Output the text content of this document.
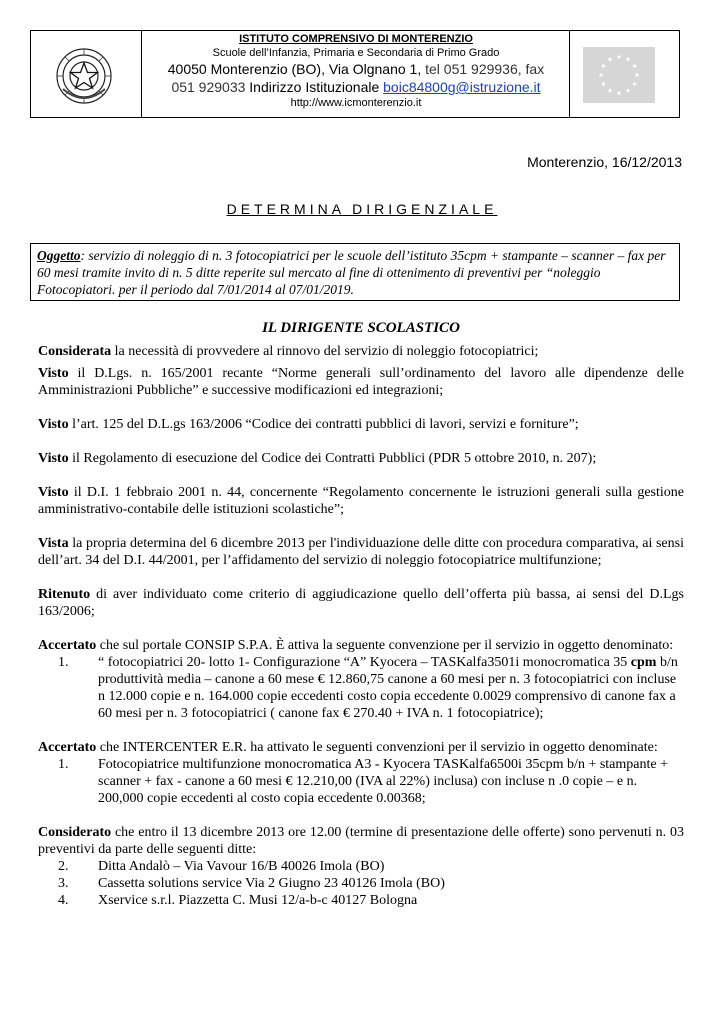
ISTITUTO COMPRENSIVO DI MONTERENZIO
Scuole dell’Infanzia, Primaria e Secondaria di Primo Grado
40050 Monterenzio (BO), Via Olgnano 1, tel 051 929936, fax
051 929033 Indirizzo Istituzionale boic84800g@istruzione.it
http://www.icmonterenzio.it
Monterenzio, 16/12/2013
DETERMINA DIRIGENZIALE
Oggetto: servizio di noleggio di n. 3 fotocopiatrici per le scuole dell’istituto 35cpm + stampante – scanner – fax per 60 mesi tramite invito di n. 5 ditte reperite sul mercato al fine di ottenimento di preventivi per “noleggio Fotocopiatori. per il periodo dal 7/01/2014 al 07/01/2019.
IL DIRIGENTE SCOLASTICO

Considerata la necessità di provvedere al rinnovo del servizio di noleggio fotocopiatrici;

Visto il D.Lgs. n. 165/2001 recante “Norme generali sull’ordinamento del lavoro alle dipendenze delle Amministrazioni Pubbliche” e successive modificazioni ed integrazioni;

Visto l’art. 125 del D.L.gs 163/2006 “Codice dei contratti pubblici di lavori, servizi e forniture”;

Visto il Regolamento di esecuzione del Codice dei Contratti Pubblici (PDR 5 ottobre 2010, n. 207);

Visto il D.I. 1 febbraio 2001 n. 44, concernente “Regolamento concernente le istruzioni generali sulla gestione amministrativo-contabile delle istituzioni scolastiche”;

Vista la propria determina del 6 dicembre 2013 per l'individuazione delle ditte con procedura comparativa, ai sensi dell’art. 34 del D.I. 44/2001, per l’affidamento del servizio di noleggio fotocopiatrice multifunzione;

Ritenuto di aver individuato come criterio di aggiudicazione quello dell’offerta più bassa, ai sensi del D.Lgs 163/2006;

Accertato che sul portale CONSIP S.P.A. È attiva la seguente convenzione per il servizio in oggetto denominato:

1. “ fotocopiatrici 20- lotto 1- Configurazione “A” Kyocera – TASKalfa3501i monocromatica 35 cpm b/n produttività media – canone a 60 mese € 12.860,75 canone a 60 mesi per n. 3 fotocopiatrici con incluse n 12.000 copie e n. 164.000 copie eccedenti costo copia eccedente 0.0029 comprensivo di canone fax a 60 mesi per n. 3 fotocopiatrici ( canone fax € 270.40 + IVA n. 1 fotocopiatrice);

Accertato che INTERCENTER E.R. ha attivato le seguenti convenzioni per il servizio in oggetto denominate:

1. Fotocopiatrice multifunzione monocromatica A3 - Kyocera TASKalfa6500i 35cpm b/n + stampante + scanner + fax - canone a 60 mesi € 12.210,00 (IVA al 22%) inclusa) con incluse n .0 copie – e n. 200,000 copie eccedenti al costo copia eccedente 0.00368;

Considerato che entro il 13 dicembre 2013 ore 12.00 (termine di presentazione delle offerte) sono pervenuti n. 03 preventivi da parte delle seguenti ditte:

2. Ditta Andalò – Via Vavour 16/B 40026 Imola (BO)
3. Cassetta solutions service Via 2 Giugno 23 40126 Imola (BO)
4. Xservice s.r.l. Piazzetta C. Musi 12/a-b-c 40127 Bologna
